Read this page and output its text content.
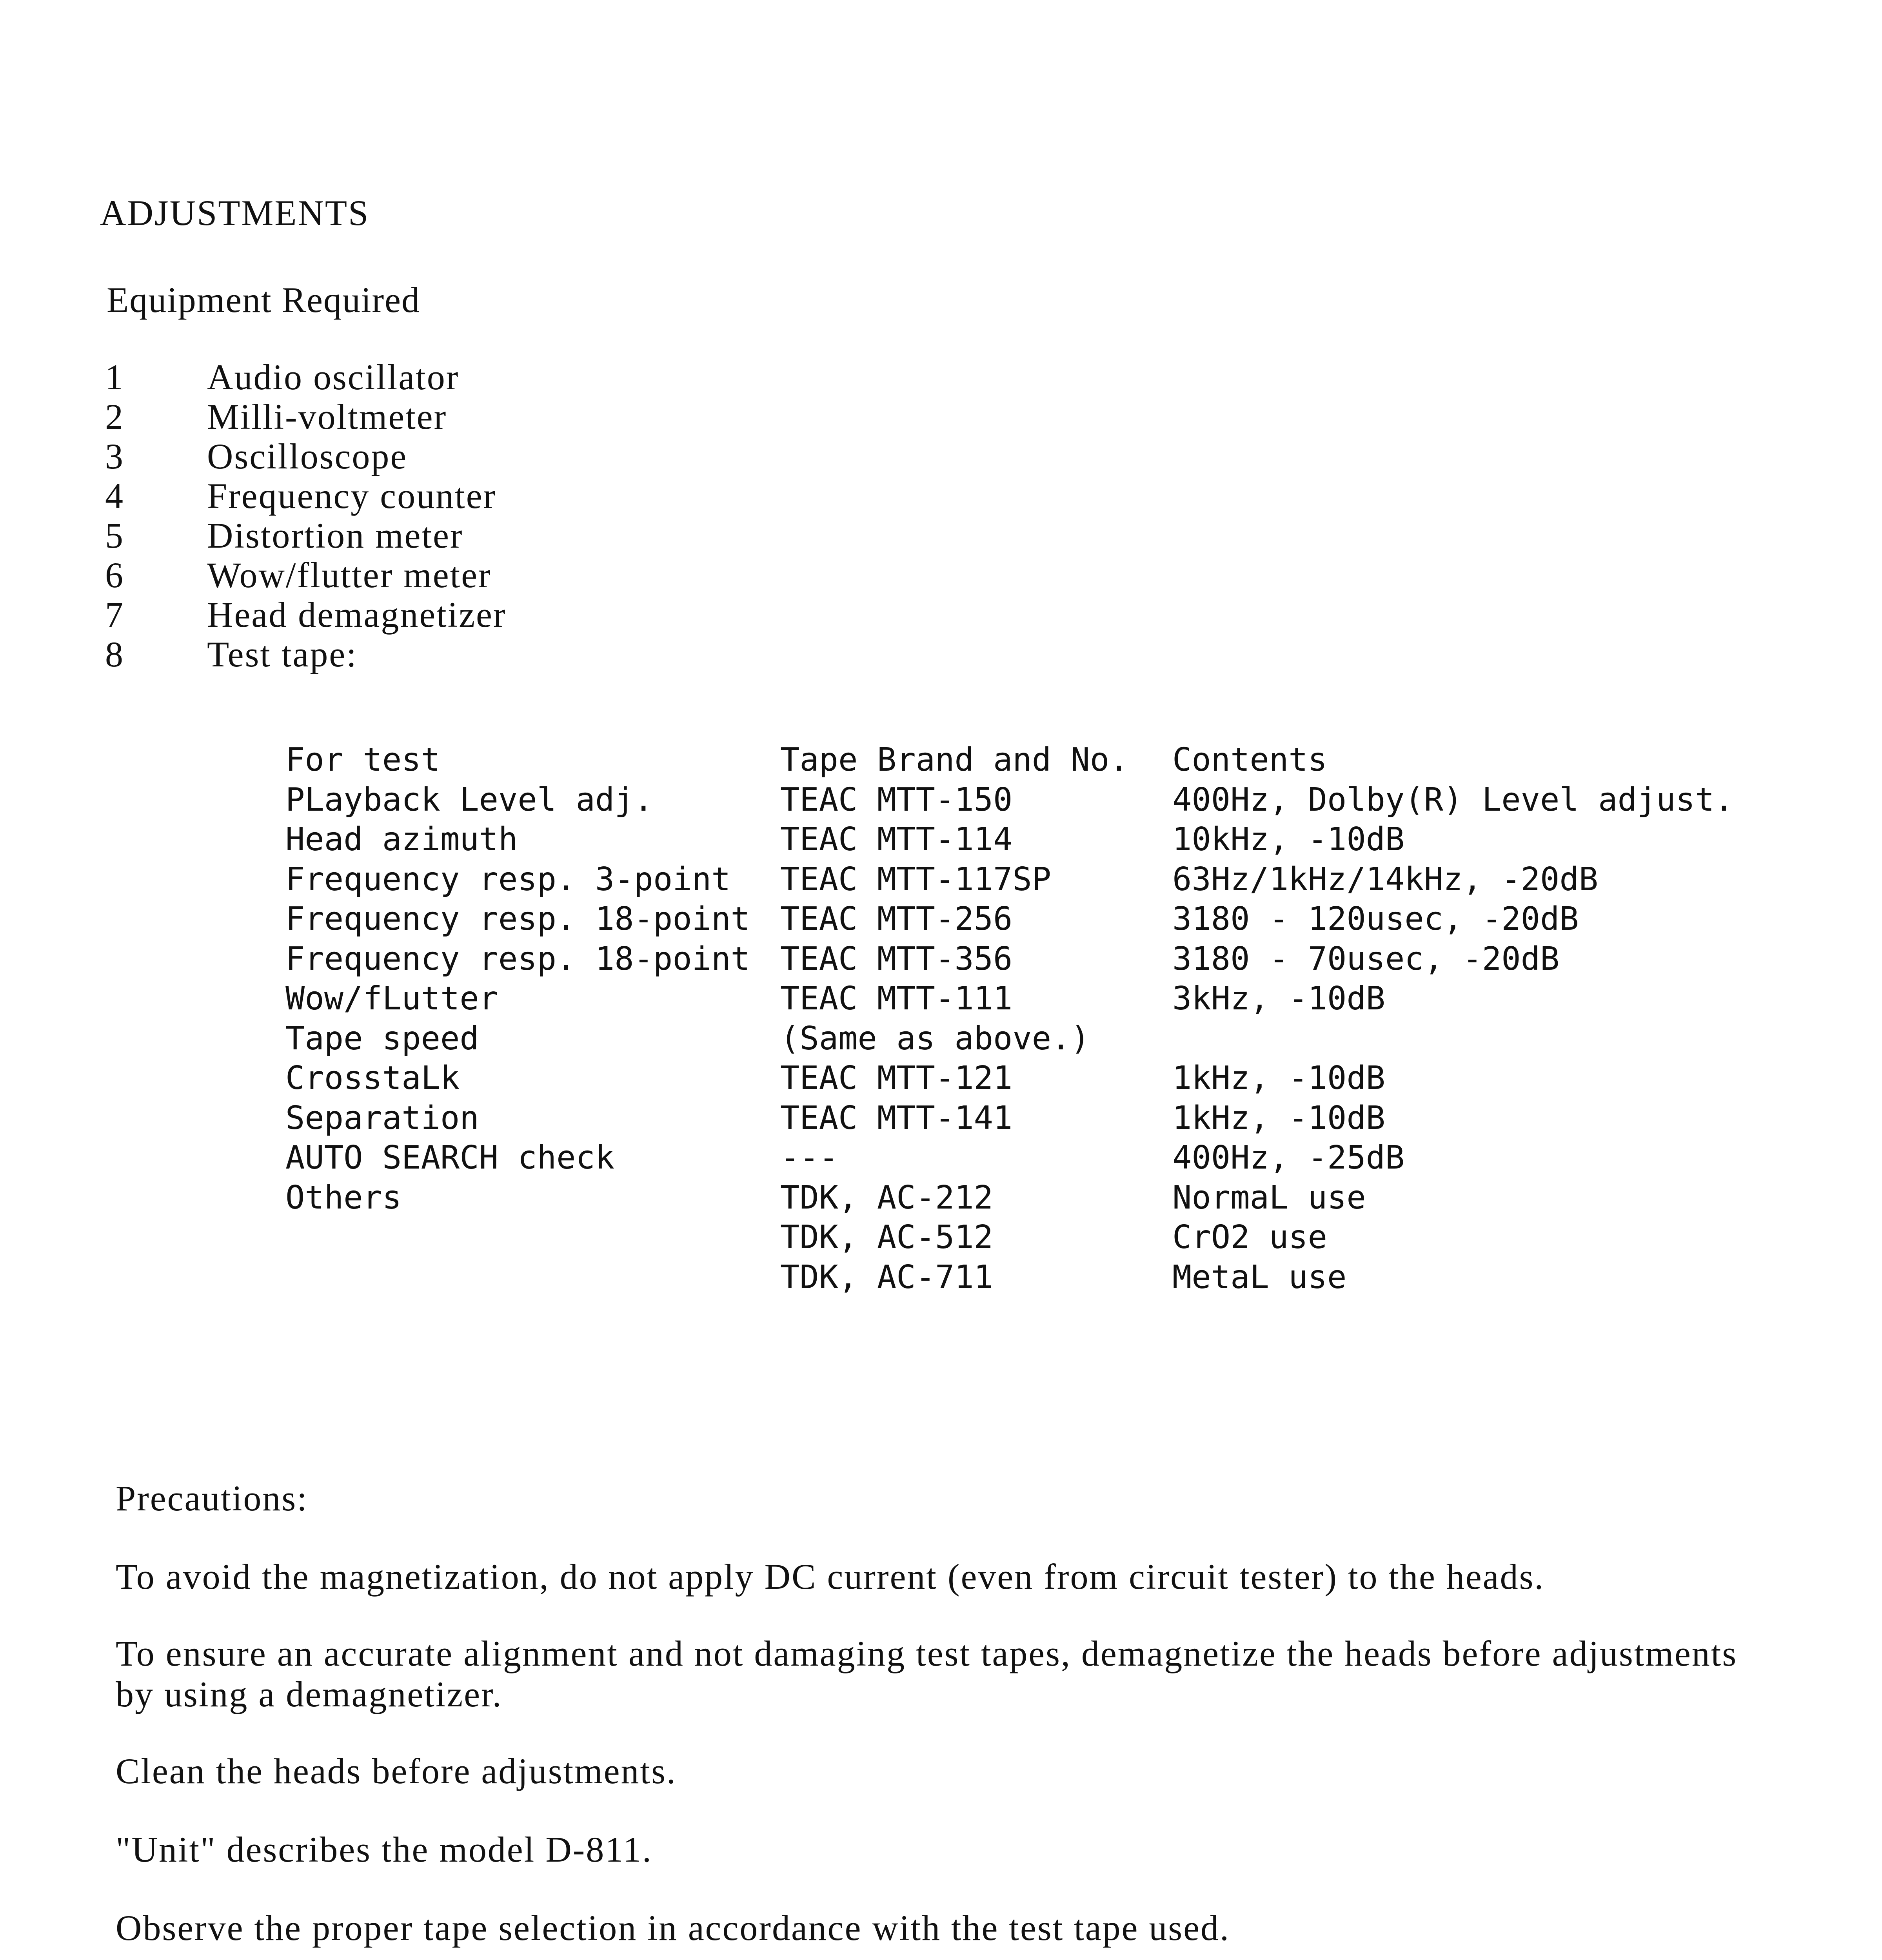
ADJUSTMENTS
Equipment Required
1 Audio oscillator
2 Milli-voltmeter
3 Oscilloscope
4 Frequency counter
5 Distortion meter
6 Wow/flutter meter
7 Head demagnetizer
8 Test tape:
For test	Tape Brand and No.	Contents
PLayback Level adj.	TEAC MTT-150	400Hz, Dolby(R) Level adjust.
Head azimuth	TEAC MTT-114	10kHz, -10dB
Frequency resp. 3-point	TEAC MTT-117SP	63Hz/1kHz/14kHz, -20dB
Frequency resp. 18-point	TEAC MTT-256	3180 - 120usec, -20dB
Frequency resp. 18-point	TEAC MTT-356	3180 - 70usec, -20dB
Wow/fLutter	TEAC MTT-111	3kHz, -10dB
Tape speed	(Same as above.)	
CrosstaLk	TEAC MTT-121	1kHz, -10dB
Separation	TEAC MTT-141	1kHz, -10dB
AUTO SEARCH check	---	400Hz, -25dB
Others	TDK, AC-212	NormaL use
	TDK, AC-512	CrO2 use
	TDK, AC-711	MetaL use

Precautions:

To avoid the magnetization, do not apply DC current (even from circuit tester) to the heads.

To ensure an accurate alignment and not damaging test tapes, demagnetize the heads before adjustments by using a demagnetizer.

Clean the heads before adjustments.

"Unit" describes the model D-811.

Observe the proper tape selection in accordance with the test tape used.
